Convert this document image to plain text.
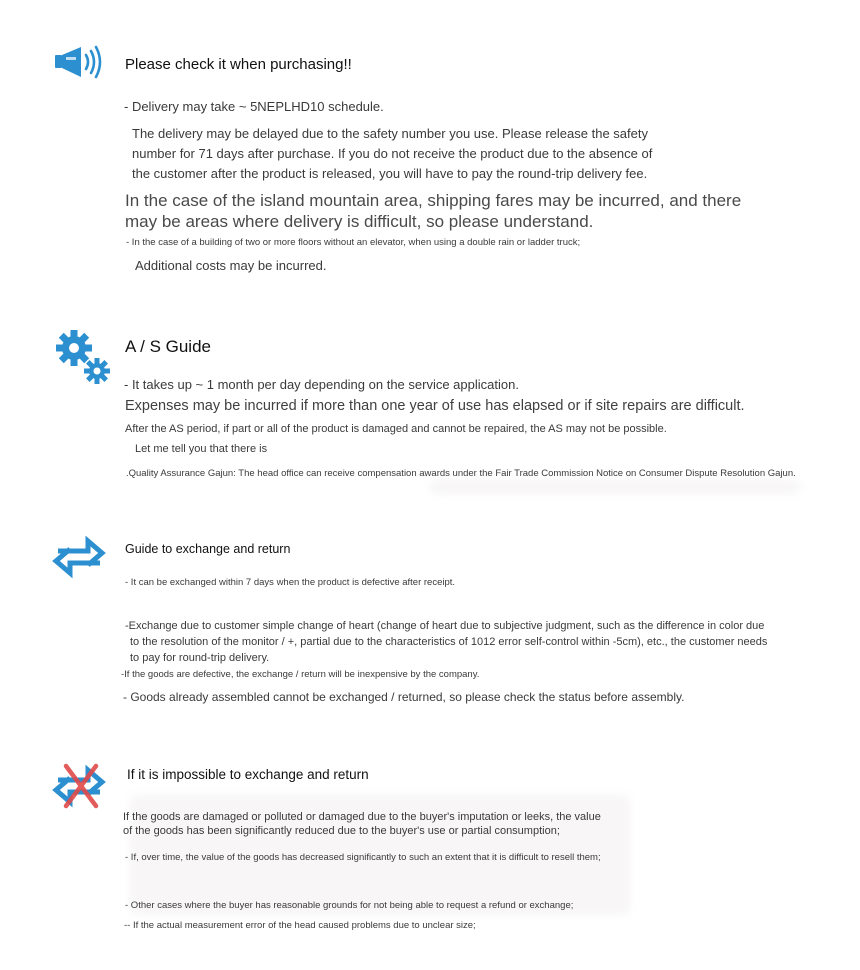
Please check it when purchasing!!
- Delivery may take ~ 5NEPLHD10 schedule.
The delivery may be delayed due to the safety number you use. Please release the safety
number for 71 days after purchase. If you do not receive the product due to the absence of
the customer after the product is released, you will have to pay the round-trip delivery fee.
In the case of the island mountain area, shipping fares may be incurred, and there
may be areas where delivery is difficult, so please understand.
- In the case of a building of two or more floors without an elevator, when using a double rain or ladder truck;
Additional costs may be incurred.
A / S Guide
- It takes up ~ 1 month per day depending on the service application.
Expenses may be incurred if more than one year of use has elapsed or if site repairs are difficult.
After the AS period, if part or all of the product is damaged and cannot be repaired, the AS may not be possible.
Let me tell you that there is
.Quality Assurance Gajun: The head office can receive compensation awards under the Fair Trade Commission Notice on Consumer Dispute Resolution Gajun.
Guide to exchange and return
- It can be exchanged within 7 days when the product is defective after receipt.
-Exchange due to customer simple change of heart (change of heart due to subjective judgment, such as the difference in color due
to the resolution of the monitor / +, partial due to the characteristics of 1012 error self-control within -5cm), etc., the customer needs
to pay for round-trip delivery.
-If the goods are defective, the exchange / return will be inexpensive by the company.
- Goods already assembled cannot be exchanged / returned, so please check the status before assembly.
If it is impossible to exchange and return
If the goods are damaged or polluted or damaged due to the buyer's imputation or leeks, the value
of the goods has been significantly reduced due to the buyer's use or partial consumption;
- If, over time, the value of the goods has decreased significantly to such an extent that it is difficult to resell them;
- Other cases where the buyer has reasonable grounds for not being able to request a refund or exchange;
-- If the actual measurement error of the head caused problems due to unclear size;
